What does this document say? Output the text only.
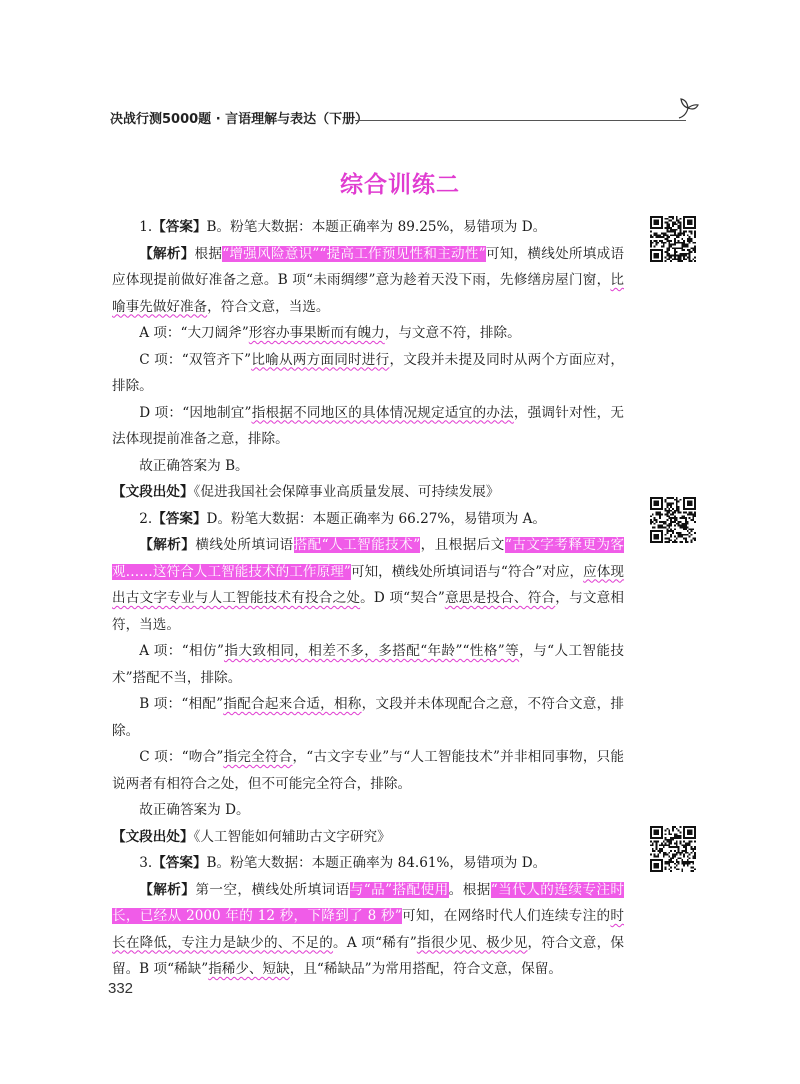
决战行测5000题 · 言语理解与表达（下册）
综合训练二

1.【答案】B。粉笔大数据：本题正确率为 89.25%，易错项为 D。

【解析】根据“增强风险意识”“提高工作预见性和主动性”可知，横线处所填成语应体现提前做好准备之意。B 项“未雨绸缪”意为趁着天没下雨，先修缮房屋门窗，比喻事先做好准备，符合文意，当选。

A 项：“大刀阔斧”形容办事果断而有魄力，与文意不符，排除。

C 项：“双管齐下”比喻从两方面同时进行，文段并未提及同时从两个方面应对，排除。

D 项：“因地制宜”指根据不同地区的具体情况规定适宜的办法，强调针对性，无法体现提前准备之意，排除。

故正确答案为 B。

【文段出处】《促进我国社会保障事业高质量发展、可持续发展》

2.【答案】D。粉笔大数据：本题正确率为 66.27%，易错项为 A。

【解析】横线处所填词语搭配“人工智能技术”，且根据后文“古文字考释更为客观……这符合人工智能技术的工作原理”可知，横线处所填词语与“符合”对应，应体现出古文字专业与人工智能技术有投合之处。D 项“契合”意思是投合、符合，与文意相符，当选。

A 项：“相仿”指大致相同，相差不多，多搭配“年龄”“性格”等，与“人工智能技术”搭配不当，排除。

B 项：“相配”指配合起来合适，相称，文段并未体现配合之意，不符合文意，排除。

C 项：“吻合”指完全符合，“古文字专业”与“人工智能技术”并非相同事物，只能说两者有相符合之处，但不可能完全符合，排除。

故正确答案为 D。

【文段出处】《人工智能如何辅助古文字研究》

3.【答案】B。粉笔大数据：本题正确率为 84.61%，易错项为 D。

【解析】第一空，横线处所填词语与“品”搭配使用。根据“当代人的连续专注时长，已经从 2000 年的 12 秒，下降到了 8 秒”可知，在网络时代人们连续专注的时长在降低，专注力是缺少的、不足的。A 项“稀有”指很少见、极少见，符合文意，保留。B 项“稀缺”指稀少、短缺，且“稀缺品”为常用搭配，符合文意，保留。

332
